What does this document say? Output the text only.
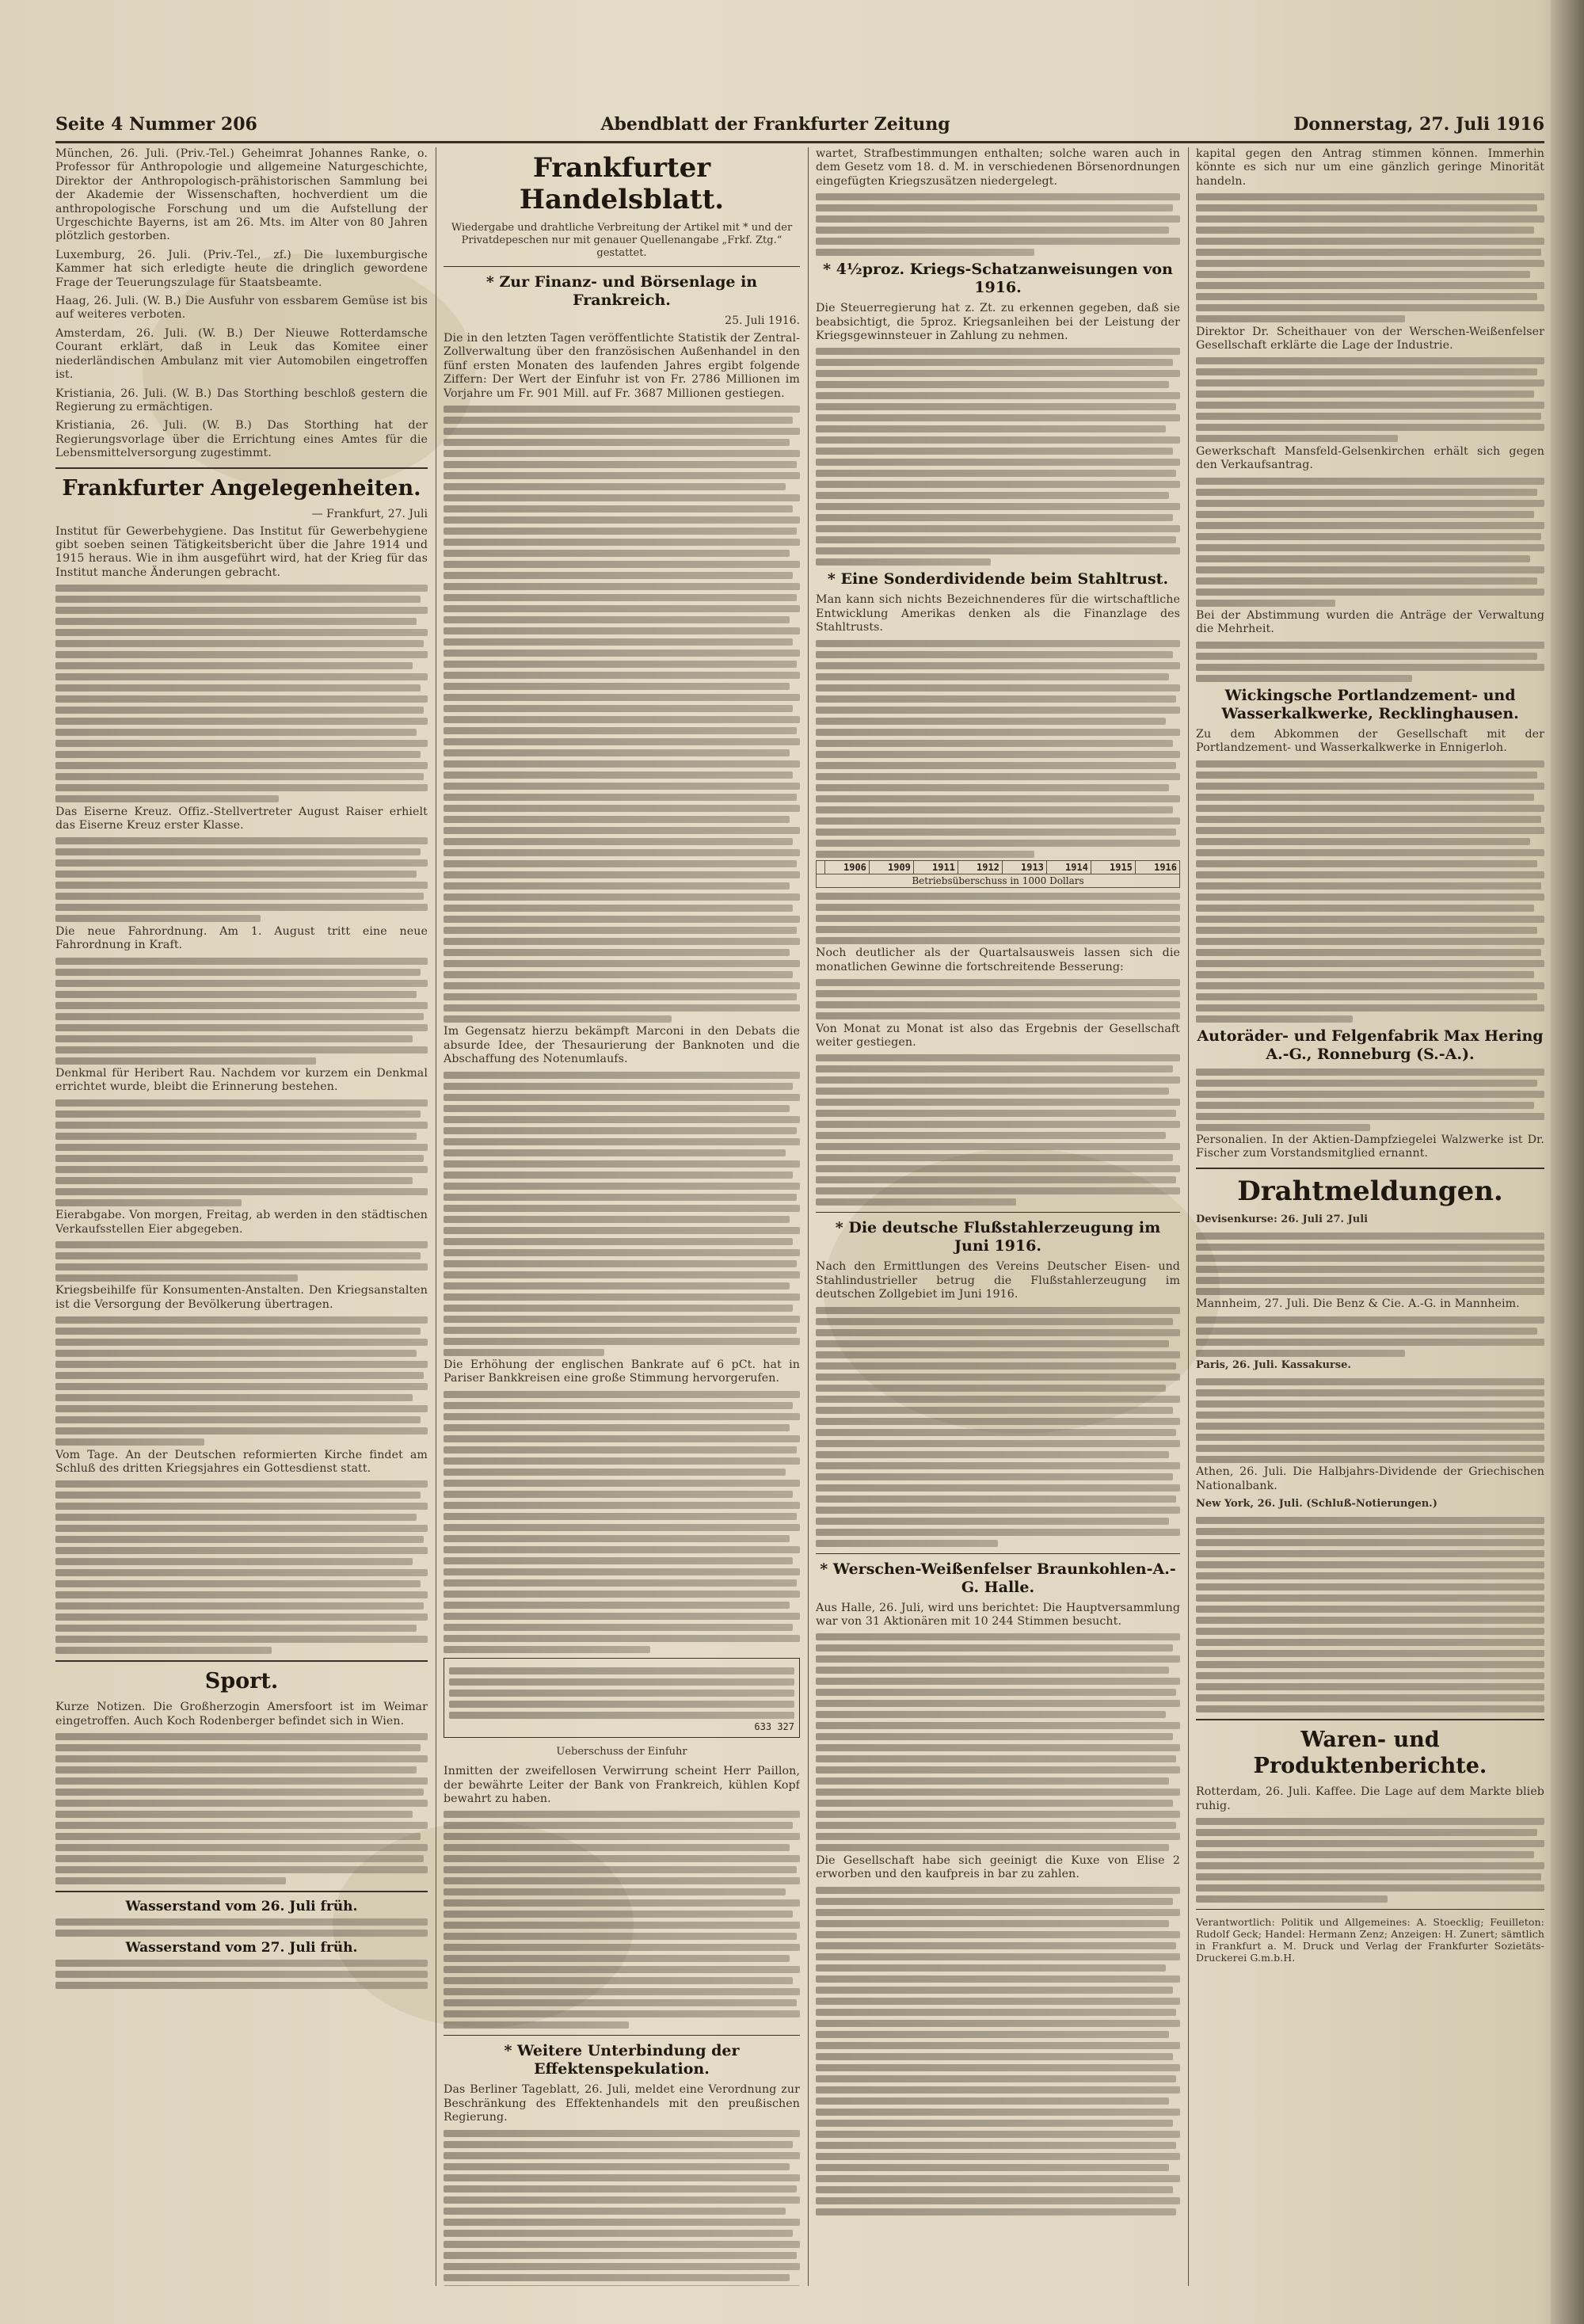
Seite 4 Nummer 206	Abendblatt der Frankfurter Zeitung	Donnerstag, 27. Juli 1916

München, 26. Juli. (Priv.-Tel.) Geheimrat Johannes Ranke, o. Professor für Anthropologie und allgemeine Naturgeschichte, Direktor der Anthropologisch-prähistorischen Sammlung bei der Akademie der Wissenschaften, hochverdient um die anthropologische Forschung und um die Aufstellung der Urgeschichte Bayerns, ist am 26. Mts. im Alter von 80 Jahren plötzlich gestorben.

Luxemburg, 26. Juli. (Priv.-Tel., zf.) Die luxemburgische Kammer hat sich erledigte heute die dringlich gewordene Frage der Teuerungszulage für Staatsbeamte.

Haag, 26. Juli. (W. B.) Die Ausfuhr von essbarem Gemüse ist bis auf weiteres verboten.

Amsterdam, 26. Juli. (W. B.) Der Nieuwe Rotterdamsche Courant erklärt, daß in Leuk das Komitee einer niederländischen Ambulanz mit vier Automobilen eingetroffen ist.

Kristiania, 26. Juli. (W. B.) Das Storthing beschloß gestern die Regierung zu ermächtigen.

Kristiania, 26. Juli. (W. B.) Das Storthing hat der Regierungsvorlage über die Errichtung eines Amtes für die Lebensmittelversorgung zugestimmt.

Frankfurter Angelegenheiten.
— Frankfurt, 27. Juli

Institut für Gewerbehygiene. Das Institut für Gewerbehygiene gibt soeben seinen Tätigkeitsbericht über die Jahre 1914 und 1915 heraus. Wie in ihm ausgeführt wird, hat der Krieg für das Institut manche Änderungen gebracht.

Das Eiserne Kreuz. Offiz.-Stellvertreter August Raiser erhielt das Eiserne Kreuz erster Klasse.

Die neue Fahrordnung. Am 1. August tritt eine neue Fahrordnung in Kraft.

Denkmal für Heribert Rau. Nachdem vor kurzem ein Denkmal errichtet wurde, bleibt die Erinnerung bestehen.

Eierabgabe. Von morgen, Freitag, ab werden in den städtischen Verkaufsstellen Eier abgegeben.

Kriegsbeihilfe für Konsumenten-Anstalten. Den Kriegsanstalten ist die Versorgung der Bevölkerung übertragen.

Vom Tage. An der Deutschen reformierten Kirche findet am Schluß des dritten Kriegsjahres ein Gottesdienst statt.

Sport.

Kurze Notizen. Die Großherzogin Amersfoort ist im Weimar eingetroffen. Auch Koch Rodenberger befindet sich in Wien.

Wasserstand vom 26. Juli früh.
Wasserstand vom 27. Juli früh.
Frankfurter Handelsblatt.
Wiedergabe und drahtliche Verbreitung der Artikel mit * und der Privatdepeschen nur mit genauer Quellenangabe „Frkf. Ztg.“ gestattet.
* Zur Finanz- und Börsenlage in Frankreich.
25. Juli 1916.

Die in den letzten Tagen veröffentlichte Statistik der Zentral-Zollverwaltung über den französischen Außenhandel in den fünf ersten Monaten des laufenden Jahres ergibt folgende Ziffern: Der Wert der Einfuhr ist von Fr. 2786 Millionen im Vorjahre um Fr. 901 Mill. auf Fr. 3687 Millionen gestiegen.

Im Gegensatz hierzu bekämpft Marconi in den Debats die absurde Idee, der Thesaurierung der Banknoten und die Abschaffung des Notenumlaufs.

Die Erhöhung der englischen Bankrate auf 6 pCt. hat in Pariser Bankkreisen eine große Stimmung hervorgerufen.

633 327
Ueberschuss der Einfuhr

Inmitten der zweifellosen Verwirrung scheint Herr Paillon, der bewährte Leiter der Bank von Frankreich, kühlen Kopf bewahrt zu haben.

* Weitere Unterbindung der Effektenspekulation.

Das Berliner Tageblatt, 26. Juli, meldet eine Verordnung zur Beschränkung des Effektenhandels mit den preußischen Regierung.

wartet, Strafbestimmungen enthalten; solche waren auch in dem Gesetz vom 18. d. M. in verschiedenen Börsenordnungen eingefügten Kriegszusätzen niedergelegt.

* 4½proz. Kriegs-Schatzanweisungen von 1916.

Die Steuerregierung hat z. Zt. zu erkennen gegeben, daß sie beabsichtigt, die 5proz. Kriegsanleihen bei der Leistung der Kriegsgewinnsteuer in Zahlung zu nehmen.

* Eine Sonderdividende beim Stahltrust.

Man kann sich nichts Bezeichnenderes für die wirtschaftliche Entwicklung Amerikas denken als die Finanzlage des Stahltrusts.

	1906	1909	1911	1912	1913	1914	1915	1916
Betriebsüberschuss in 1000 Dollars

Noch deutlicher als der Quartalsausweis lassen sich die monatlichen Gewinne die fortschreitende Besserung:

Von Monat zu Monat ist also das Ergebnis der Gesellschaft weiter gestiegen.

* Die deutsche Flußstahlerzeugung im Juni 1916.

Nach den Ermittlungen des Vereins Deutscher Eisen- und Stahlindustrieller betrug die Flußstahlerzeugung im deutschen Zollgebiet im Juni 1916.

* Werschen-Weißenfelser Braunkohlen-A.-G. Halle.

Aus Halle, 26. Juli, wird uns berichtet: Die Hauptversammlung war von 31 Aktionären mit 10 244 Stimmen besucht.

Die Gesellschaft habe sich geeinigt die Kuxe von Elise 2 erworben und den kaufpreis in bar zu zahlen.

kapital gegen den Antrag stimmen können. Immerhin könnte es sich nur um eine gänzlich geringe Minorität handeln.

Direktor Dr. Scheithauer von der Werschen-Weißenfelser Gesellschaft erklärte die Lage der Industrie.

Gewerkschaft Mansfeld-Gelsenkirchen erhält sich gegen den Verkaufsantrag.

Bei der Abstimmung wurden die Anträge der Verwaltung die Mehrheit.

Wickingsche Portlandzement- und Wasserkalkwerke, Recklinghausen.

Zu dem Abkommen der Gesellschaft mit der Portlandzement- und Wasserkalkwerke in Ennigerloh.

Autoräder- und Felgenfabrik Max Hering A.-G., Ronneburg (S.-A.).

Personalien. In der Aktien-Dampfziegelei Walzwerke ist Dr. Fischer zum Vorstandsmitglied ernannt.

Drahtmeldungen.
Devisenkurse: 26. Juli 27. Juli

Mannheim, 27. Juli. Die Benz & Cie. A.-G. in Mannheim.

Paris, 26. Juli. Kassakurse.

Athen, 26. Juli. Die Halbjahrs-Dividende der Griechischen Nationalbank.

New York, 26. Juli. (Schluß-Notierungen.)
Waren- und Produktenberichte.

Rotterdam, 26. Juli. Kaffee. Die Lage auf dem Markte blieb ruhig.

Verantwortlich: Politik und Allgemeines: A. Stoecklig; Feuilleton: Rudolf Geck; Handel: Hermann Zenz; Anzeigen: H. Zunert; sämtlich in Frankfurt a. M. Druck und Verlag der Frankfurter Sozietäts-Druckerei G.m.b.H.
